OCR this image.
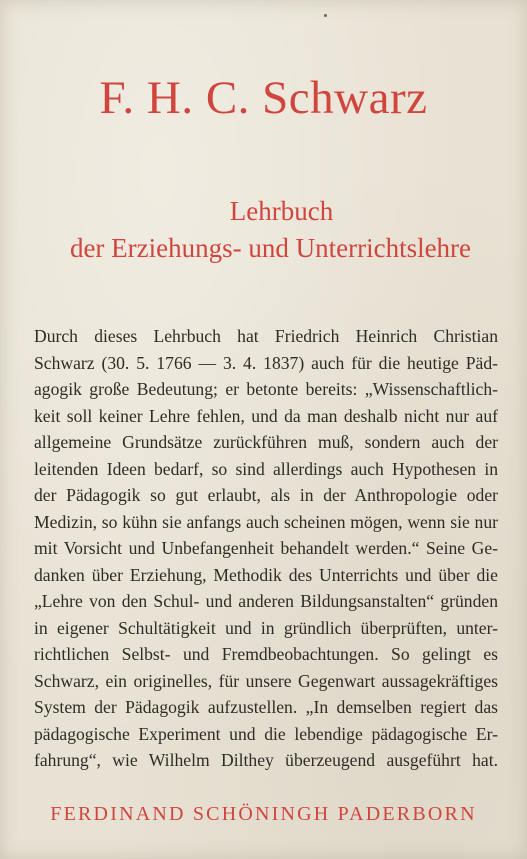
F. H. C. Schwarz
Lehrbuch
der Erziehungs- und Unterrichtslehre
Durch dieses Lehrbuch hat Friedrich Heinrich Christian
Schwarz (30. 5. 1766 — 3. 4. 1837) auch für die heutige Päd-
agogik große Bedeutung; er betonte bereits: „Wissenschaftlich-
keit soll keiner Lehre fehlen, und da man deshalb nicht nur auf
allgemeine Grundsätze zurückführen muß, sondern auch der
leitenden Ideen bedarf, so sind allerdings auch Hypothesen in
der Pädagogik so gut erlaubt, als in der Anthropologie oder
Medizin, so kühn sie anfangs auch scheinen mögen, wenn sie nur
mit Vorsicht und Unbefangenheit behandelt werden.“ Seine Ge-
danken über Erziehung, Methodik des Unterrichts und über die
„Lehre von den Schul- und anderen Bildungsanstalten“ gründen
in eigener Schultätigkeit und in gründlich überprüften, unter-
richtlichen Selbst- und Fremdbeobachtungen. So gelingt es
Schwarz, ein originelles, für unsere Gegenwart aussagekräftiges
System der Pädagogik aufzustellen. „In demselben regiert das
pädagogische Experiment und die lebendige pädagogische Er-
fahrung“, wie Wilhelm Dilthey überzeugend ausgeführt hat.
FERDINAND SCHÖNINGH PADERBORN
